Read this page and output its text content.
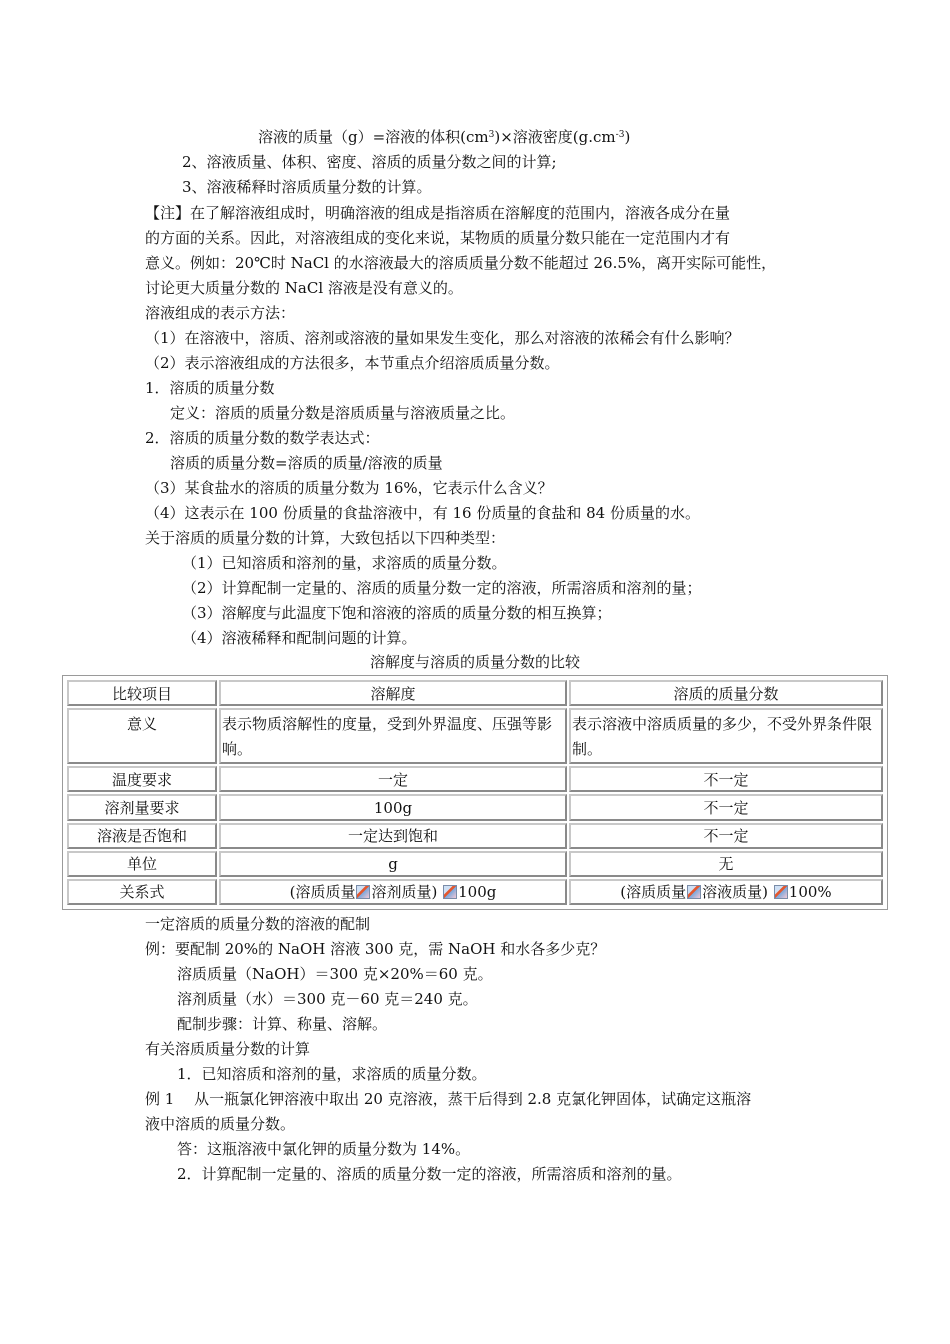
溶液的质量（g）=溶液的体积$(cm^3)\times$溶液密度$(g.cm^{-3})$
2、溶液质量、体积、密度、溶质的质量分数之间的计算;
3、溶液稀释时溶质质量分数的计算。
【注】在了解溶液组成时，明确溶液的组成是指溶质在溶解度的范围内，溶液各成分在量
的方面的关系。因此，对溶液组成的变化来说，某物质的质量分数只能在一定范围内才有
意义。例如：20℃时 NaCl 的水溶液最大的溶质质量分数不能超过 26.5%，离开实际可能性，
讨论更大质量分数的 NaCl 溶液是没有意义的。
溶液组成的表示方法：
（1）在溶液中，溶质、溶剂或溶液的量如果发生变化，那么对溶液的浓稀会有什么影响？
（2）表示溶液组成的方法很多，本节重点介绍溶质质量分数。
1．溶质的质量分数
定义：溶质的质量分数是溶质质量与溶液质量之比。
2．溶质的质量分数的数学表达式：
溶质的质量分数=溶质的质量/溶液的质量
（3）某食盐水的溶质的质量分数为 16%，它表示什么含义？
（4）这表示在 100 份质量的食盐溶液中，有 16 份质量的食盐和 84 份质量的水。
关于溶质的质量分数的计算，大致包括以下四种类型：
（1）已知溶质和溶剂的量，求溶质的质量分数。
（2）计算配制一定量的、溶质的质量分数一定的溶液，所需溶质和溶剂的量；
（3）溶解度与此温度下饱和溶液的溶质的质量分数的相互换算；
（4）溶液稀释和配制问题的计算。
溶解度与溶质的质量分数的比较
比较项目	溶解度	溶质的质量分数
意义	表示物质溶解性的度量，受到外界温度、压强等影响。	表示溶液中溶质质量的多少，不受外界条件限制。
温度要求	一定	不一定
溶剂量要求	100g	不一定
溶液是否饱和	一定达到饱和	不一定
单位	g	无
关系式	(溶质质量 溶剂质量) 100g	(溶质质量 溶液质量) 100%
一定溶质的质量分数的溶液的配制
例：要配制 20%的 NaOH 溶液 300 克，需 NaOH 和水各多少克？
溶质质量（NaOH）＝300 克×20%＝60 克。
溶剂质量（水）＝300 克－60 克＝240 克。
配制步骤：计算、称量、溶解。
有关溶质质量分数的计算
1．已知溶质和溶剂的量，求溶质的质量分数。
例 1　 从一瓶氯化钾溶液中取出 20 克溶液，蒸干后得到 2.8 克氯化钾固体，试确定这瓶溶
液中溶质的质量分数。
答：这瓶溶液中氯化钾的质量分数为 14%。
2．计算配制一定量的、溶质的质量分数一定的溶液，所需溶质和溶剂的量。
